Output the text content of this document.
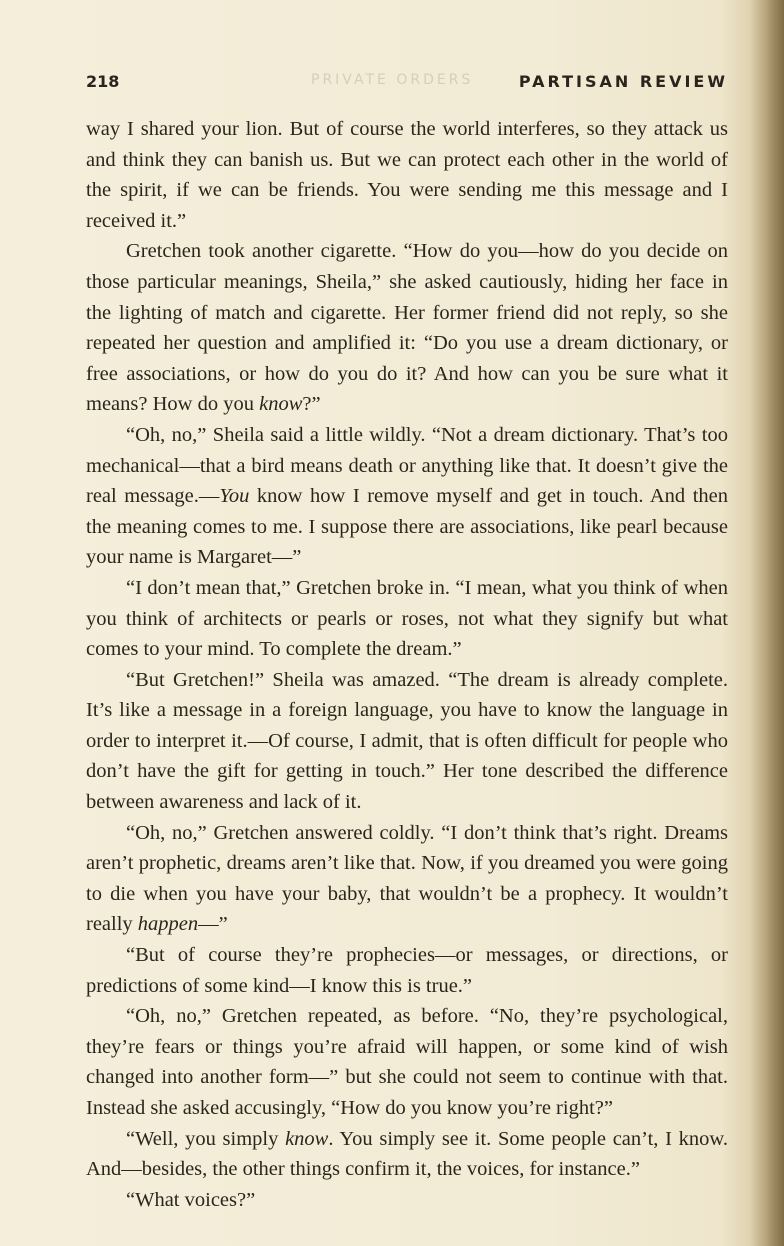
218	PRIVATE ORDERS	PARTISAN REVIEW

way I shared your lion. But of course the world interferes, so they attack us and think they can banish us. But we can protect each other in the world of the spirit, if we can be friends. You were sending me this message and I received it.”

Gretchen took another cigarette. “How do you—how do you decide on those particular meanings, Sheila,” she asked cautiously, hiding her face in the lighting of match and cigarette. Her former friend did not reply, so she repeated her question and amplified it: “Do you use a dream dictionary, or free associations, or how do you do it? And how can you be sure what it means? How do you know?”

“Oh, no,” Sheila said a little wildly. “Not a dream dictionary. That’s too mechanical—that a bird means death or anything like that. It doesn’t give the real message.—You know how I remove myself and get in touch. And then the meaning comes to me. I suppose there are associations, like pearl because your name is Margaret—”

“I don’t mean that,” Gretchen broke in. “I mean, what you think of when you think of architects or pearls or roses, not what they signify but what comes to your mind. To complete the dream.”

“But Gretchen!” Sheila was amazed. “The dream is already complete. It’s like a message in a foreign language, you have to know the language in order to interpret it.—Of course, I admit, that is often difficult for people who don’t have the gift for getting in touch.” Her tone described the difference between awareness and lack of it.

“Oh, no,” Gretchen answered coldly. “I don’t think that’s right. Dreams aren’t prophetic, dreams aren’t like that. Now, if you dreamed you were going to die when you have your baby, that wouldn’t be a prophecy. It wouldn’t really happen—”

“But of course they’re prophecies—or messages, or directions, or predictions of some kind—I know this is true.”

“Oh, no,” Gretchen repeated, as before. “No, they’re psychological, they’re fears or things you’re afraid will happen, or some kind of wish changed into another form—” but she could not seem to continue with that. Instead she asked accusingly, “How do you know you’re right?”

“Well, you simply know. You simply see it. Some people can’t, I know. And—besides, the other things confirm it, the voices, for instance.”

“What voices?”
